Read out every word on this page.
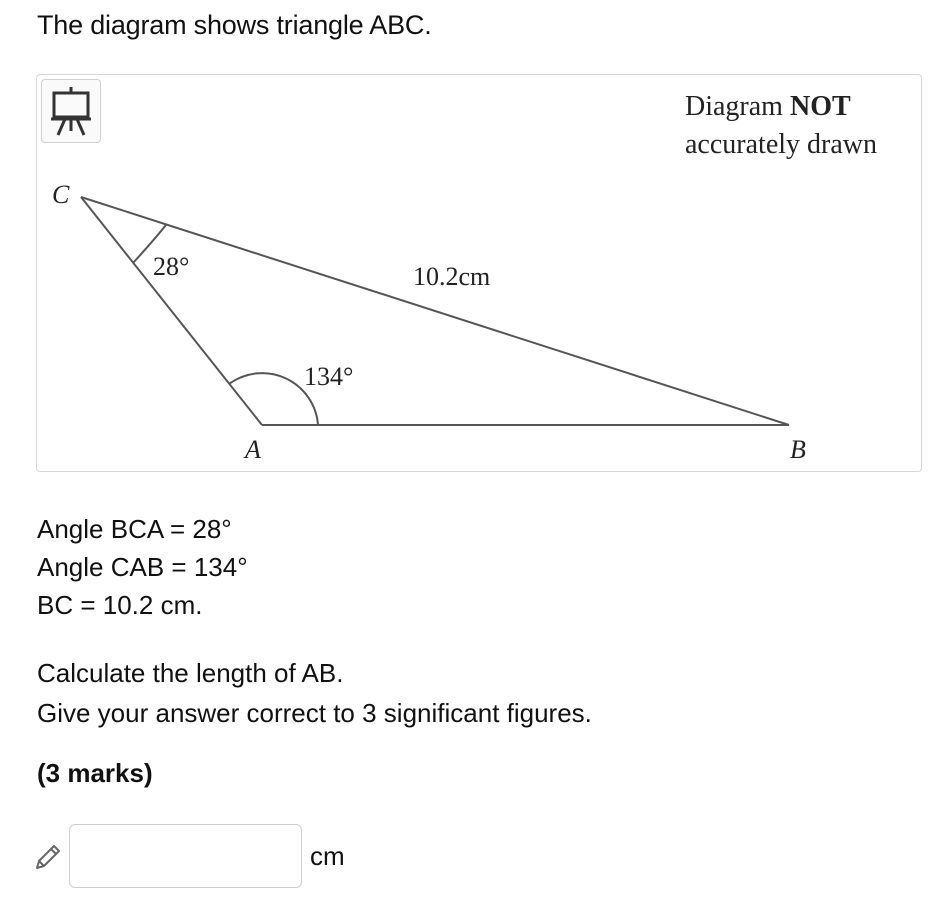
The diagram shows triangle ABC.
C
A	B
28°
134°
10.2cm
Diagram NOT
accurately drawn
Angle BCA = 28°
Angle CAB = 134°
BC = 10.2 cm.
Calculate the length of AB.
Give your answer correct to 3 significant figures.
(3 marks)
cm
